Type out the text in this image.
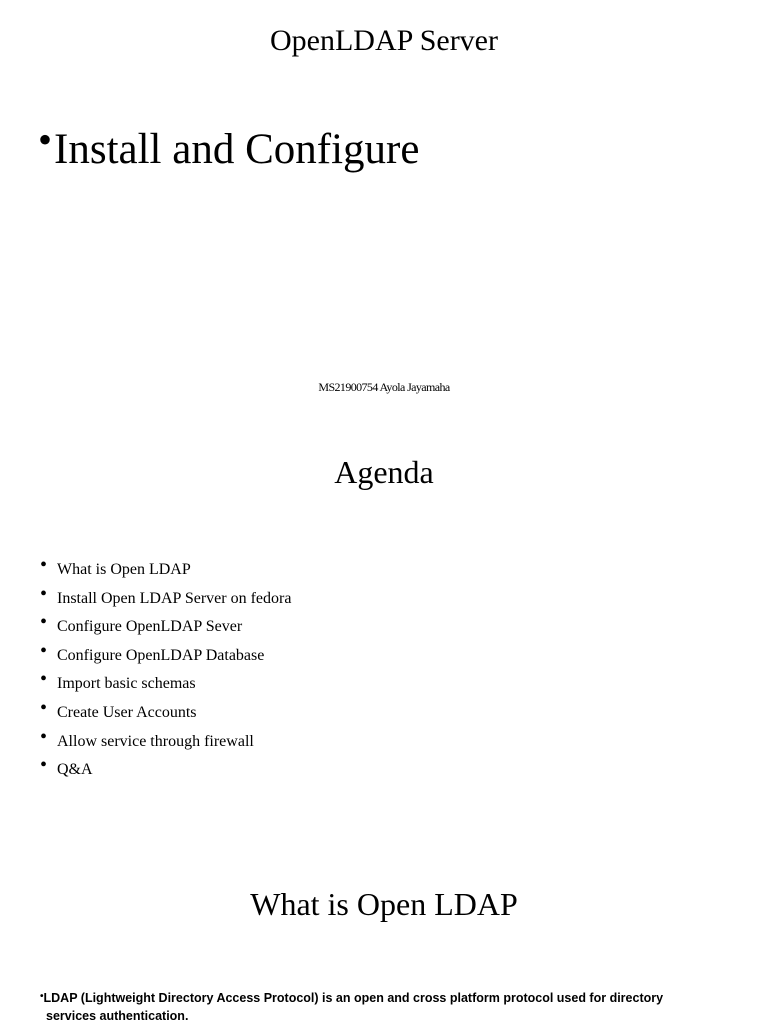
OpenLDAP Server
•Install and Configure
MS21900754 Ayola Jayamaha
Agenda
• What is Open LDAP
• Install Open LDAP Server on fedora
• Configure OpenLDAP Sever
• Configure OpenLDAP Database
• Import basic schemas
• Create User Accounts
• Allow service through firewall
• Q&A
What is Open LDAP
•LDAP (Lightweight Directory Access Protocol) is an open and cross platform protocol used for directory
services authentication.
